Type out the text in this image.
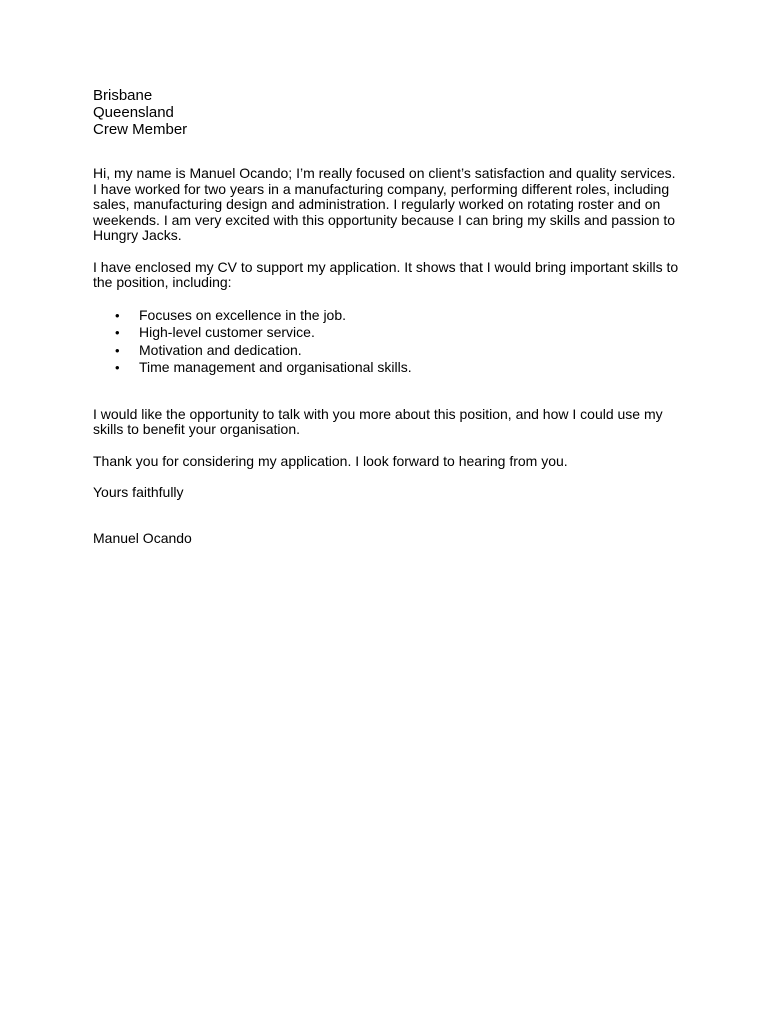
Brisbane

Queensland

Crew Member

Hi, my name is Manuel Ocando; I’m really focused on client’s satisfaction and quality services. I have worked for two years in a manufacturing company, performing different roles, including sales, manufacturing design and administration. I regularly worked on rotating roster and on weekends. I am very excited with this opportunity because I can bring my skills and passion to Hungry Jacks.

I have enclosed my CV to support my application. It shows that I would bring important skills to the position, including:

•	Focuses on excellence in the job.
•	High-level customer service.
•	Motivation and dedication.
•	Time management and organisational skills.

I would like the opportunity to talk with you more about this position, and how I could use my skills to benefit your organisation.

Thank you for considering my application. I look forward to hearing from you.

Yours faithfully

Manuel Ocando
